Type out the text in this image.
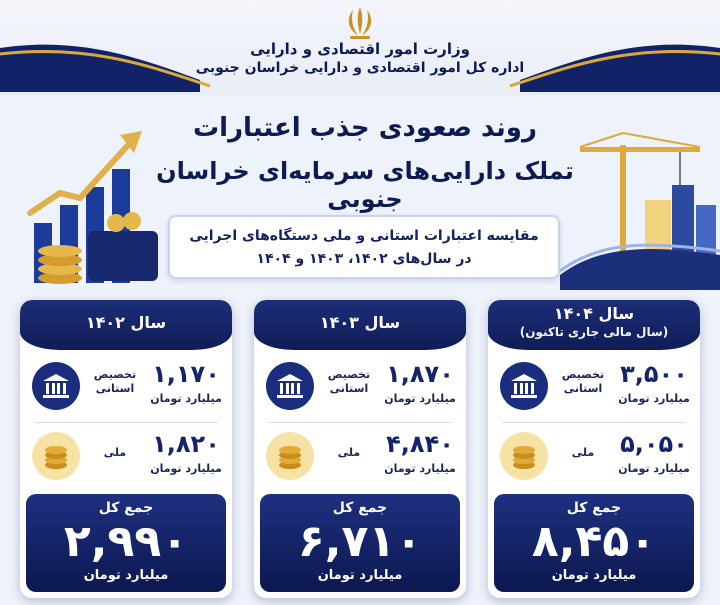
وزارت امور اقتصادی و دارایی
اداره کل امور اقتصادی و دارایی خراسان جنوبی
روند صعودی جذب اعتبارات
تملک دارایی‌های سرمایه‌ای خراسان جنوبی
مقایسه اعتبارات استانی و ملی دستگاه‌های اجرایی
در سال‌های ۱۴۰۲، ۱۴۰۳ و ۱۴۰۴
سال ۱۴۰۲
تخصیص
استانی
۱,۱۷۰
میلیارد تومان
ملی	۱,۸۲۰
میلیارد تومان
جمع کل
۲,۹۹۰
میلیارد تومان
سال ۱۴۰۳
تخصیص
استانی
۱,۸۷۰
میلیارد تومان
ملی	۴,۸۴۰
میلیارد تومان
جمع کل
۶,۷۱۰
میلیارد تومان
سال ۱۴۰۴
(سال مالی جاری تاکنون)
تخصیص
استانی
۳,۵۰۰
میلیارد تومان
ملی	۵,۰۵۰
میلیارد تومان
جمع کل
۸,۴۵۰
میلیارد تومان
